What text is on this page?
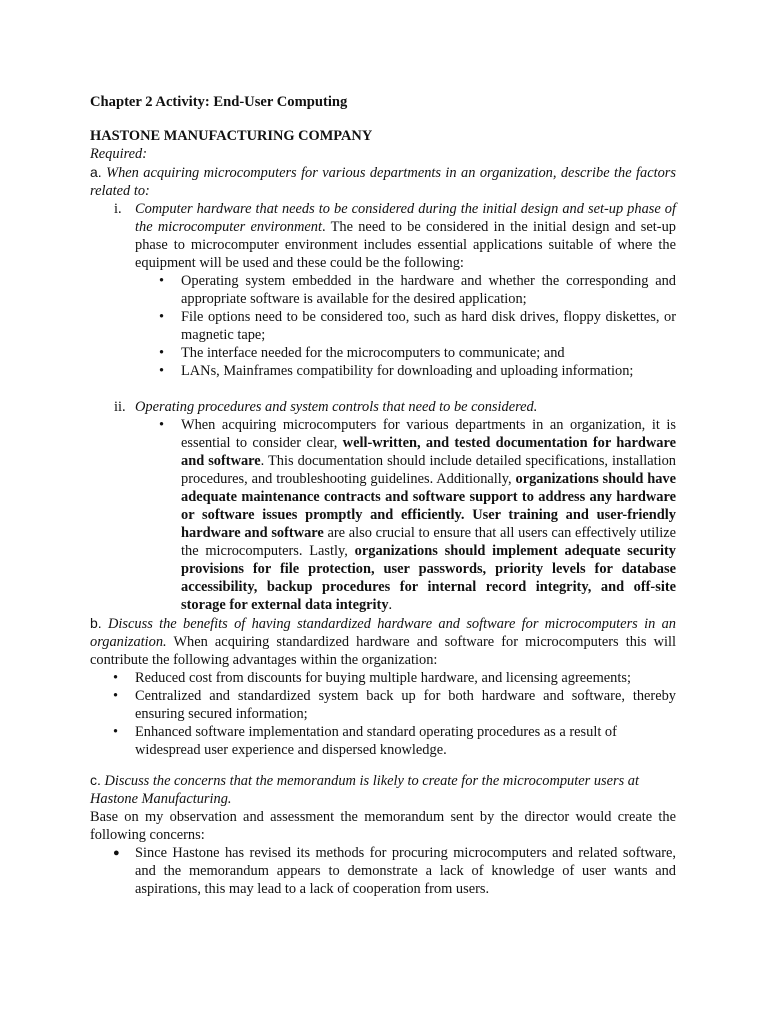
Chapter 2 Activity: End-User Computing

HASTONE MANUFACTURING COMPANY

Required:

a. When acquiring microcomputers for various departments in an organization, describe the factors related to:

i. Computer hardware that needs to be considered during the initial design and set-up phase of the microcomputer environment. The need to be considered in the initial design and set-up phase to microcomputer environment includes essential applications suitable of where the equipment will be used and these could be the following:

• Operating system embedded in the hardware and whether the corresponding and appropriate software is available for the desired application;
• File options need to be considered too, such as hard disk drives, floppy diskettes, or magnetic tape;
• The interface needed for the microcomputers to communicate; and
• LANs, Mainframes compatibility for downloading and uploading information;
ii. Operating procedures and system controls that need to be considered.

• When acquiring microcomputers for various departments in an organization, it is essential to consider clear, well-written, and tested documentation for hardware and software. This documentation should include detailed specifications, installation procedures, and troubleshooting guidelines. Additionally, organizations should have adequate maintenance contracts and software support to address any hardware or software issues promptly and efficiently. User training and user-friendly hardware and software are also crucial to ensure that all users can effectively utilize the microcomputers. Lastly, organizations should implement adequate security provisions for file protection, user passwords, priority levels for database accessibility, backup procedures for internal record integrity, and off-site storage for external data integrity.

b. Discuss the benefits of having standardized hardware and software for microcomputers in an organization. When acquiring standardized hardware and software for microcomputers this will contribute the following advantages within the organization:

• Reduced cost from discounts for buying multiple hardware, and licensing agreements;
• Centralized and standardized system back up for both hardware and software, thereby ensuring secured information;
• Enhanced software implementation and standard operating procedures as a result of widespread user experience and dispersed knowledge.

c. Discuss the concerns that the memorandum is likely to create for the microcomputer users at Hastone Manufacturing.

Base on my observation and assessment the memorandum sent by the director would create the following concerns:

● Since Hastone has revised its methods for procuring microcomputers and related software, and the memorandum appears to demonstrate a lack of knowledge of user wants and aspirations, this may lead to a lack of cooperation from users.
